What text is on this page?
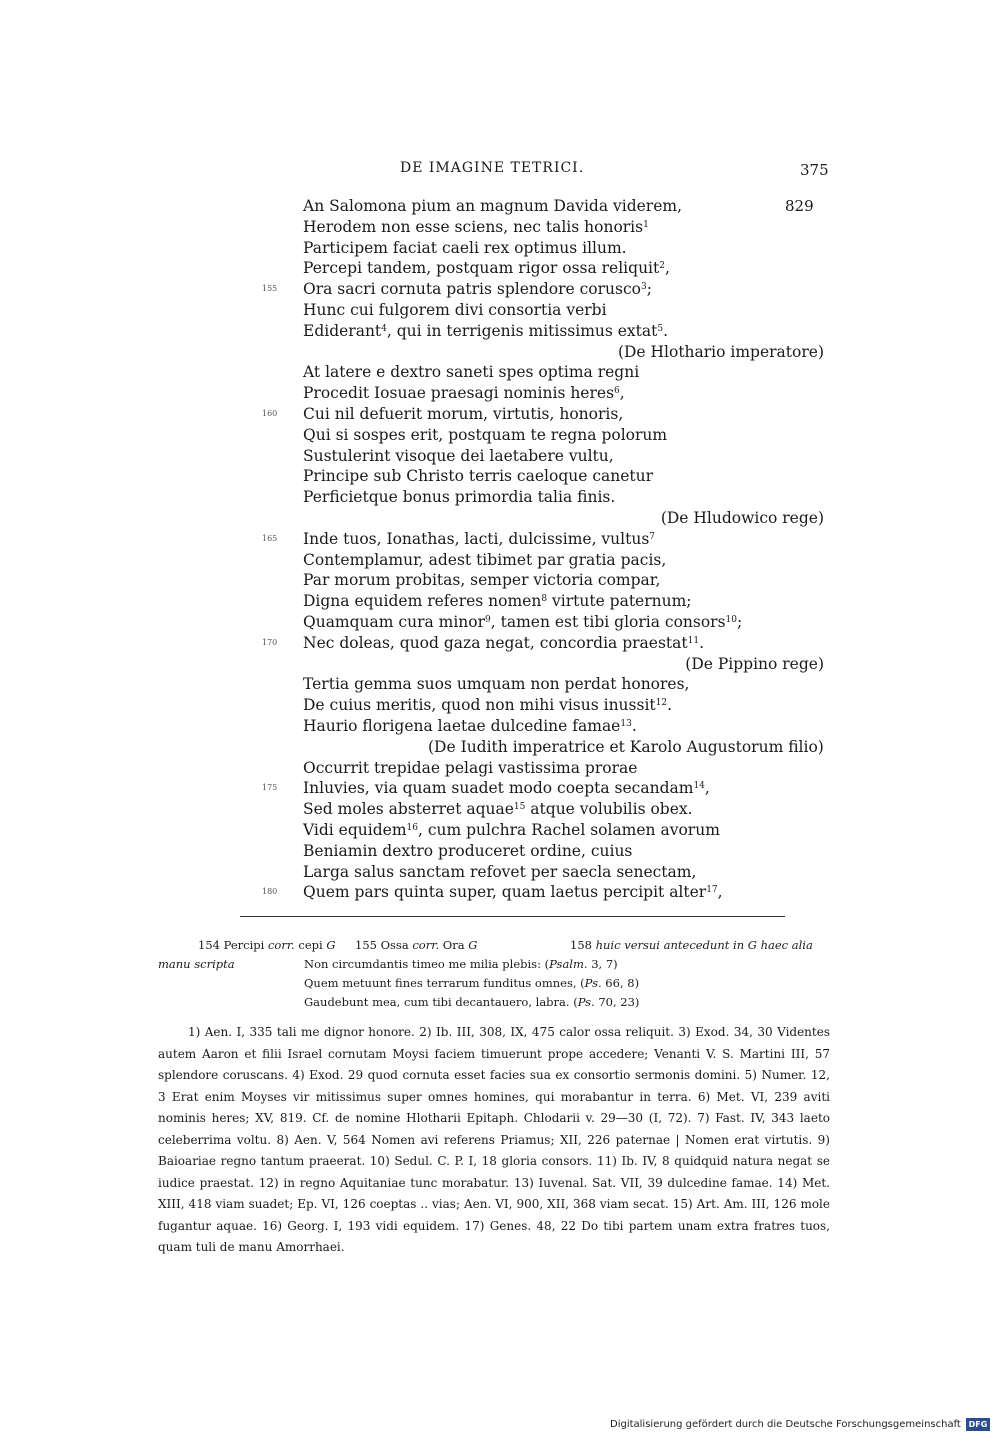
DE IMAGINE TETRICI.	375
An Salomona pium an magnum Davida viderem,	829
Herodem non esse sciens, nec talis honoris$^1$
Participem faciat caeli rex optimus illum.
Percepi tandem, postquam rigor ossa reliquit$^2$,
155 Ora sacri cornuta patris splendore corusco$^3$;
Hunc cui fulgorem divi consortia verbi
Ediderant$^4$, qui in terrigenis mitissimus extat$^5$.
(De Hlothario imperatore)
At latere e dextro saneti spes optima regni
Procedit Iosuae praesagi nominis heres$^6$,
160 Cui nil defuerit morum, virtutis, honoris,
Qui si sospes erit, postquam te regna polorum
Sustulerint visoque dei laetabere vultu,
Principe sub Christo terris caeloque canetur
Perficietque bonus primordia talia finis.
(De Hludowico rege)
165 Inde tuos, Ionathas, lacti, dulcissime, vultus$^7$
Contemplamur, adest tibimet par gratia pacis,
Par morum probitas, semper victoria compar,
Digna equidem referes nomen$^8$ virtute paternum;
Quamquam cura minor$^9$, tamen est tibi gloria consors$^{10}$;
170 Nec doleas, quod gaza negat, concordia praestat$^{11}$.
(De Pippino rege)
Tertia gemma suos umquam non perdat honores,
De cuius meritis, quod non mihi visus inussit$^{12}$.
Haurio florigena laetae dulcedine famae$^{13}$.
(De Iudith imperatrice et Karolo Augustorum filio)
Occurrit trepidae pelagi vastissima prorae
175 Inluvies, via quam suadet modo coepta secandam$^{14}$,
Sed moles absterret aquae$^{15}$ atque volubilis obex.
Vidi equidem$^{16}$, cum pulchra Rachel solamen avorum
Beniamin dextro produceret ordine, cuius
Larga salus sanctam refovet per saecla senectam,
180 Quem pars quinta super, quam laetus percipit alter$^{17}$,
154 Percipi corr. cepi G 155 Ossa corr. Ora G	158 huic versui antecedunt in G haec alia
manu scripta	Non circumdantis timeo me milia plebis: (Psalm. 3, 7)
Quem metuunt fines terrarum funditus omnes, (Ps. 66, 8)
Gaudebunt mea, cum tibi decantauero, labra. (Ps. 70, 23)

1) Aen. I, 335 tali me dignor honore. 2) Ib. III, 308, IX, 475 calor ossa reliquit. 3) Exod. 34, 30 Videntes autem Aaron et filii Israel cornutam Moysi faciem timuerunt prope accedere; Venanti V. S. Martini III, 57 splendore coruscans. 4) Exod. 29 quod cornuta esset facies sua ex consortio sermonis domini. 5) Numer. 12, 3 Erat enim Moyses vir mitissimus super omnes homines, qui morabantur in terra. 6) Met. VI, 239 aviti nominis heres; XV, 819. Cf. de nomine Hlotharii Epitaph. Chlodarii v. 29—30 (I, 72). 7) Fast. IV, 343 laeto celeberrima voltu. 8) Aen. V, 564 Nomen avi referens Priamus; XII, 226 paternae | Nomen erat virtutis. 9) Baioariae regno tantum praeerat. 10) Sedul. C. P. I, 18 gloria consors. 11) Ib. IV, 8 quidquid natura negat se iudice praestat. 12) in regno Aquitaniae tunc morabatur. 13) Iuvenal. Sat. VII, 39 dulcedine famae. 14) Met. XIII, 418 viam suadet; Ep. VI, 126 coeptas .. vias; Aen. VI, 900, XII, 368 viam secat. 15) Art. Am. III, 126 mole fugantur aquae. 16) Georg. I, 193 vidi equidem. 17) Genes. 48, 22 Do tibi partem unam extra fratres tuos, quam tuli de manu Amorrhaei.

Digitalisierung gefördert durch die Deutsche Forschungsgemeinschaft DFG
